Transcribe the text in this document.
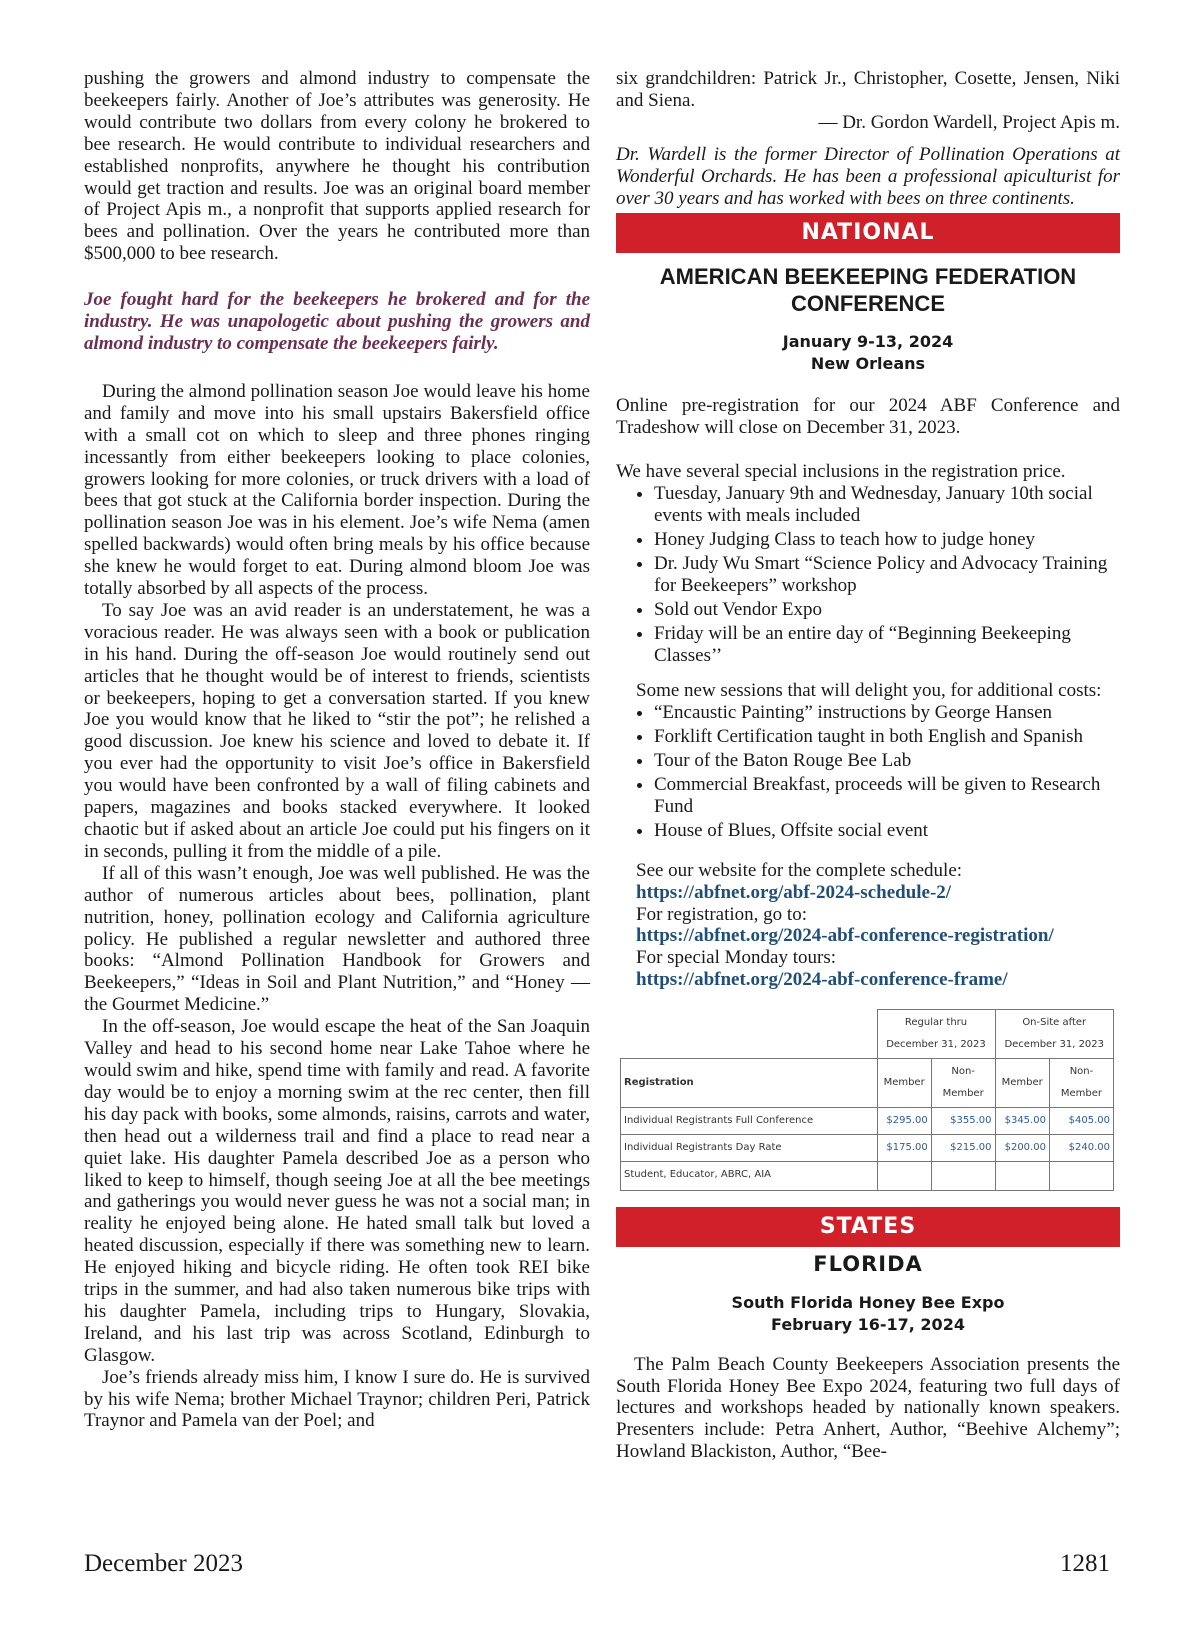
pushing the growers and almond industry to compensate the beekeepers fairly. Another of Joe’s attributes was generosity. He would contribute two dollars from every colony he brokered to bee research. He would contribute to individual researchers and established nonprofits, anywhere he thought his contribution would get traction and results. Joe was an original board member of Project Apis m., a nonprofit that supports applied research for bees and pollination. Over the years he contributed more than $500,000 to bee research.

Joe fought hard for the beekeepers he brokered and for the industry. He was unapologetic about pushing the growers and almond industry to compensate the beekeepers fairly.

During the almond pollination season Joe would leave his home and family and move into his small upstairs Bakersfield office with a small cot on which to sleep and three phones ringing incessantly from either beekeepers looking to place colonies, growers looking for more colonies, or truck drivers with a load of bees that got stuck at the California border inspection. During the pollination season Joe was in his element. Joe’s wife Nema (amen spelled backwards) would often bring meals by his office because she knew he would forget to eat. During almond bloom Joe was totally absorbed by all aspects of the process.

To say Joe was an avid reader is an understatement, he was a voracious reader. He was always seen with a book or publication in his hand. During the off-season Joe would routinely send out articles that he thought would be of interest to friends, scientists or beekeepers, hoping to get a conversation started. If you knew Joe you would know that he liked to “stir the pot”; he relished a good discussion. Joe knew his science and loved to debate it. If you ever had the opportunity to visit Joe’s office in Bakersfield you would have been confronted by a wall of filing cabinets and papers, magazines and books stacked everywhere. It looked chaotic but if asked about an article Joe could put his fingers on it in seconds, pulling it from the middle of a pile.

If all of this wasn’t enough, Joe was well published. He was the author of numerous articles about bees, pollination, plant nutrition, honey, pollination ecology and California agriculture policy. He published a regular newsletter and authored three books: “Almond Pollination Handbook for Growers and Beekeepers,” “Ideas in Soil and Plant Nutrition,” and “Honey — the Gourmet Medicine.”

In the off-season, Joe would escape the heat of the San Joaquin Valley and head to his second home near Lake Tahoe where he would swim and hike, spend time with family and read. A favorite day would be to enjoy a morning swim at the rec center, then fill his day pack with books, some almonds, raisins, carrots and water, then head out a wilderness trail and find a place to read near a quiet lake. His daughter Pamela described Joe as a person who liked to keep to himself, though seeing Joe at all the bee meetings and gatherings you would never guess he was not a social man; in reality he enjoyed being alone. He hated small talk but loved a heated discussion, especially if there was something new to learn. He enjoyed hiking and bicycle riding. He often took REI bike trips in the summer, and had also taken numerous bike trips with his daughter Pamela, including trips to Hungary, Slovakia, Ireland, and his last trip was across Scotland, Edinburgh to Glasgow.

Joe’s friends already miss him, I know I sure do. He is survived by his wife Nema; brother Michael Traynor; children Peri, Patrick Traynor and Pamela van der Poel; and

six grandchildren: Patrick Jr., Christopher, Cosette, Jensen, Niki and Siena.

— Dr. Gordon Wardell, Project Apis m.

Dr. Wardell is the former Director of Pollination Operations at Wonderful Orchards. He has been a professional apiculturist for over 30 years and has worked with bees on three continents.

NATIONAL
AMERICAN BEEKEEPING FEDERATION CONFERENCE
January 9-13, 2024
New Orleans

Online pre-registration for our 2024 ABF Conference and Tradeshow will close on December 31, 2023.

We have several special inclusions in the registration price.

• Tuesday, January 9th and Wednesday, January 10th social events with meals included
• Honey Judging Class to teach how to judge honey
• Dr. Judy Wu Smart “Science Policy and Advocacy Training for Beekeepers” workshop
• Sold out Vendor Expo
• Friday will be an entire day of “Beginning Beekeeping Classes’’

Some new sessions that will delight you, for additional costs:

• “Encaustic Painting” instructions by George Hansen
• Forklift Certification taught in both English and Spanish
• Tour of the Baton Rouge Bee Lab
• Commercial Breakfast, proceeds will be given to Research Fund
• House of Blues, Offsite social event
See our website for the complete schedule:
https://abfnet.org/abf-2024-schedule-2/
For registration, go to:
https://abfnet.org/2024-abf-conference-registration/
For special Monday tours:
https://abfnet.org/2024-abf-conference-frame/
	Regular thru December 31, 2023		On-Site after December 31, 2023	
Registration	Member	Non-Member	Member	Non-Member
Individual Registrants Full Conference	$295.00	$355.00	$345.00	$405.00
Individual Registrants Day Rate	$175.00	$215.00	$200.00	$240.00
Student, Educator, ABRC, AIA				
STATES
FLORIDA
South Florida Honey Bee Expo
February 16-17, 2024

The Palm Beach County Beekeepers Association presents the South Florida Honey Bee Expo 2024, featuring two full days of lectures and workshops headed by nationally known speakers. Presenters include: Petra Anhert, Author, “Beehive Alchemy”; Howland Blackiston, Author, “Bee-

December 2023	1281
